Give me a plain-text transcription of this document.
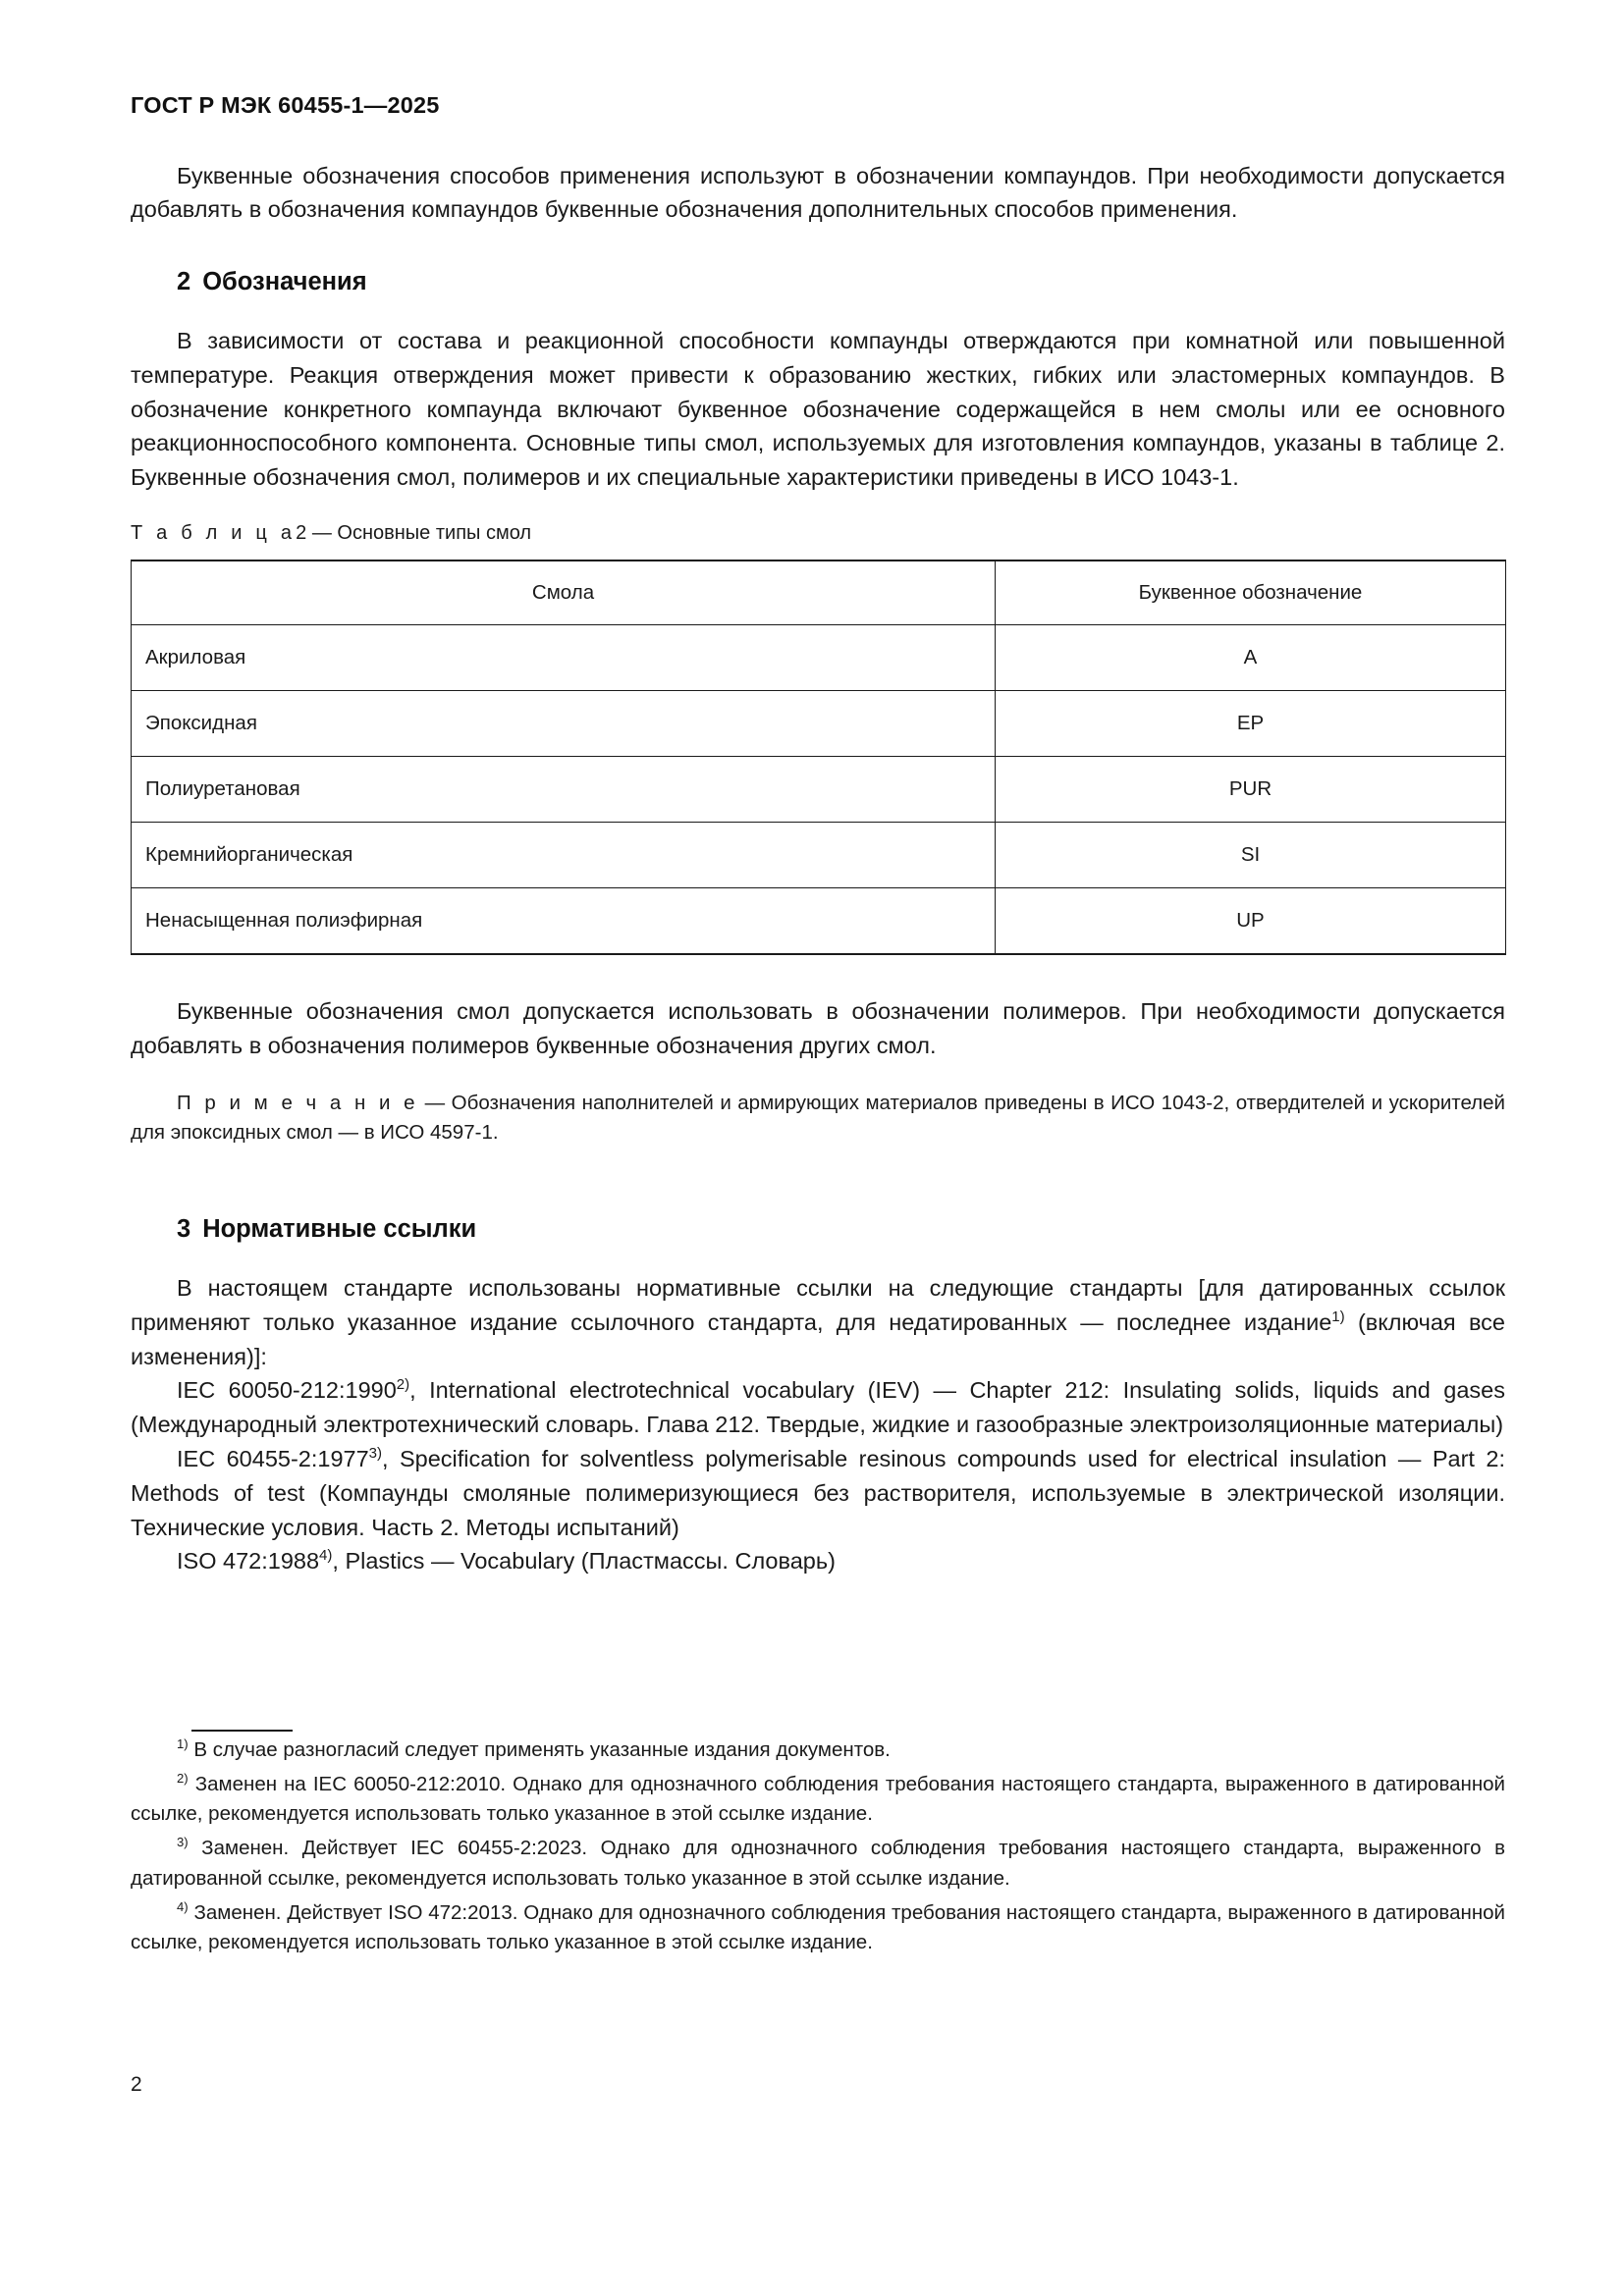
ГОСТ Р МЭК 60455-1—2025

Буквенные обозначения способов применения используют в обозначении компаундов. При необходимости допускается добавлять в обозначения компаундов буквенные обозначения дополнительных способов применения.

2 Обозначения

В зависимости от состава и реакционной способности компаунды отверждаются при комнатной или повышенной температуре. Реакция отверждения может привести к образованию жестких, гибких или эластомерных компаундов. В обозначение конкретного компаунда включают буквенное обозначение содержащейся в нем смолы или ее основного реакционноспособного компонента. Основные типы смол, используемых для изготовления компаундов, указаны в таблице 2. Буквенные обозначения смол, полимеров и их специальные характеристики приведены в ИСО 1043-1.

Т а б л и ц а2 — Основные типы смол

Смола	Буквенное обозначение
Акриловая	A
Эпоксидная	EP
Полиуретановая	PUR
Кремнийорганическая	SI
Ненасыщенная полиэфирная	UP

Буквенные обозначения смол допускается использовать в обозначении полимеров. При необходимости допускается добавлять в обозначения полимеров буквенные обозначения других смол.

П р и м е ч а н и е — Обозначения наполнителей и армирующих материалов приведены в ИСО 1043-2, отвердителей и ускорителей для эпоксидных смол — в ИСО 4597-1.

3 Нормативные ссылки

В настоящем стандарте использованы нормативные ссылки на следующие стандарты [для датированных ссылок применяют только указанное издание ссылочного стандарта, для недатированных — последнее издание$^{1)}$ (включая все изменения)]:

IEC 60050-212:1990$^{2)}$, International electrotechnical vocabulary (IEV) — Chapter 212: Insulating solids, liquids and gases (Международный электротехнический словарь. Глава 212. Твердые, жидкие и газообразные электроизоляционные материалы)

IEC 60455-2:1977$^{3)}$, Specification for solventless polymerisable resinous compounds used for electrical insulation — Part 2: Methods of test (Компаунды смоляные полимеризующиеся без растворителя, используемые в электрической изоляции. Технические условия. Часть 2. Методы испытаний)

ISO 472:1988$^{4)}$, Plastics — Vocabulary (Пластмассы. Словарь)

$^{1)}$ В случае разногласий следует применять указанные издания документов.

$^{2)}$ Заменен на IEC 60050-212:2010. Однако для однозначного соблюдения требования настоящего стандарта, выраженного в датированной ссылке, рекомендуется использовать только указанное в этой ссылке издание.

$^{3)}$ Заменен. Действует IEC 60455-2:2023. Однако для однозначного соблюдения требования настоящего стандарта, выраженного в датированной ссылке, рекомендуется использовать только указанное в этой ссылке издание.

$^{4)}$ Заменен. Действует ISO 472:2013. Однако для однозначного соблюдения требования настоящего стандарта, выраженного в датированной ссылке, рекомендуется использовать только указанное в этой ссылке издание.

2
